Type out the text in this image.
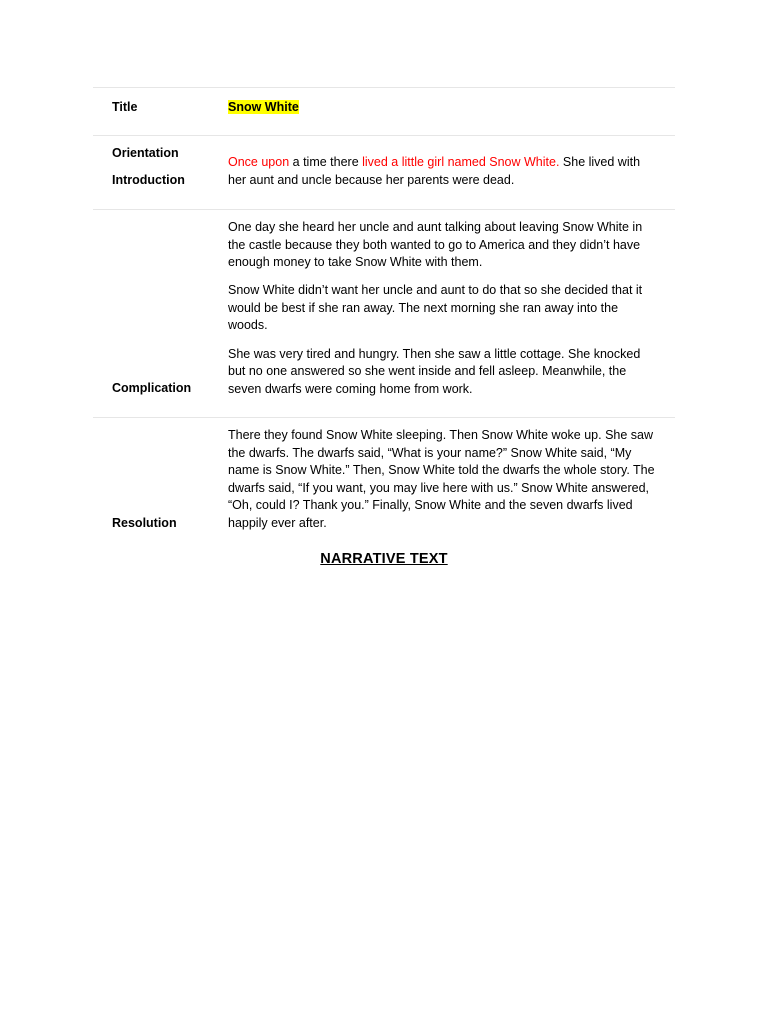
Title	Snow White
Orientation
Introduction
Once upon a time there lived a little girl named Snow White. She lived with her aunt and uncle because her parents were dead.

One day she heard her uncle and aunt talking about leaving Snow White in the castle because they both wanted to go to America and they didn’t have enough money to take Snow White with them.

Snow White didn’t want her uncle and aunt to do that so she decided that it would be best if she ran away. The next morning she ran away into the woods.

She was very tired and hungry. Then she saw a little cottage. She knocked but no one answered so she went inside and fell asleep. Meanwhile, the seven dwarfs were coming home from work.

Complication

There they found Snow White sleeping. Then Snow White woke up. She saw the dwarfs. The dwarfs said, “What is your name?” Snow White said, “My name is Snow White.” Then, Snow White told the dwarfs the whole story. The dwarfs said, “If you want, you may live here with us.” Snow White answered, “Oh, could I? Thank you.” Finally, Snow White and the seven dwarfs lived happily ever after.

Resolution
NARRATIVE TEXT
